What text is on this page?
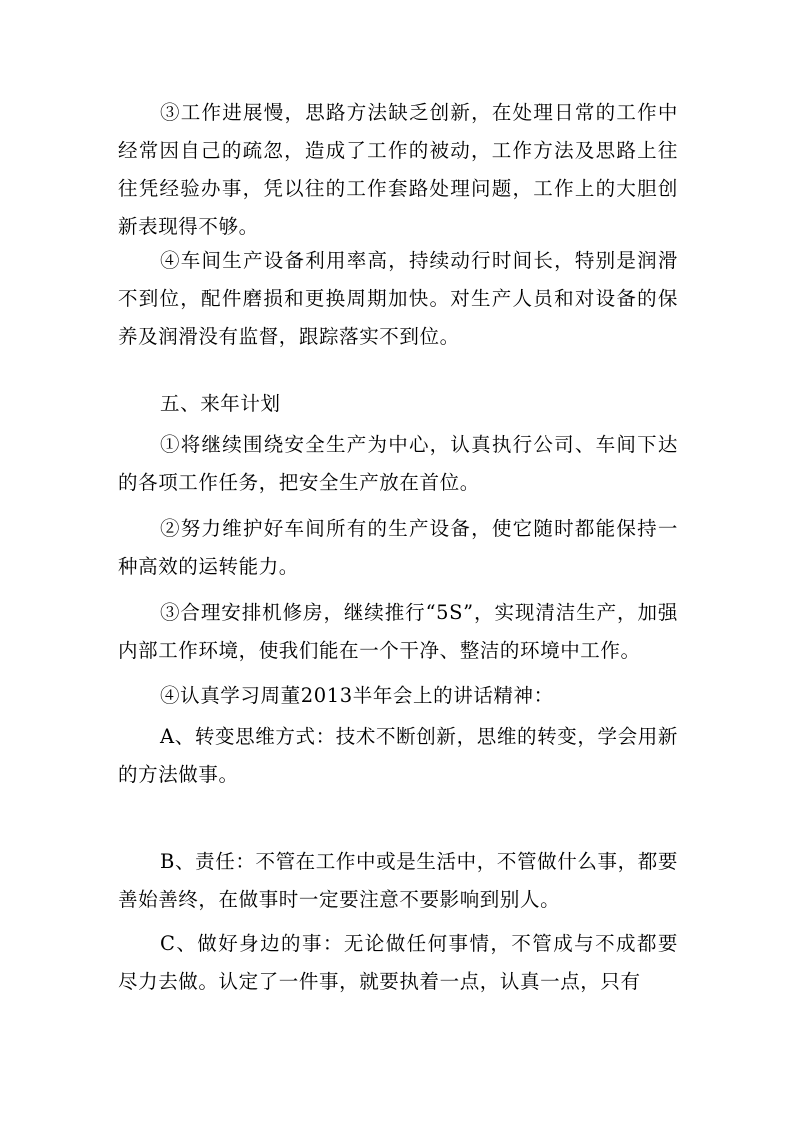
③工作进展慢，思路方法缺乏创新，在处理日常的工作中经常因自己的疏忽，造成了工作的被动，工作方法及思路上往往凭经验办事，凭以往的工作套路处理问题，工作上的大胆创新表现得不够。

④车间生产设备利用率高，持续动行时间长，特别是润滑不到位，配件磨损和更换周期加快。对生产人员和对设备的保养及润滑没有监督，跟踪落实不到位。

五、来年计划

①将继续围绕安全生产为中心，认真执行公司、车间下达的各项工作任务，把安全生产放在首位。

②努力维护好车间所有的生产设备，使它随时都能保持一种高效的运转能力。

③合理安排机修房，继续推行“5S”，实现清洁生产，加强内部工作环境，使我们能在一个干净、整洁的环境中工作。

④认真学习周董2013半年会上的讲话精神：

A、转变思维方式：技术不断创新，思维的转变，学会用新的方法做事。

B、责任：不管在工作中或是生活中，不管做什么事，都要善始善终，在做事时一定要注意不要影响到别人。

C、做好身边的事：无论做任何事情，不管成与不成都要尽力去做。认定了一件事，就要执着一点，认真一点，只有
